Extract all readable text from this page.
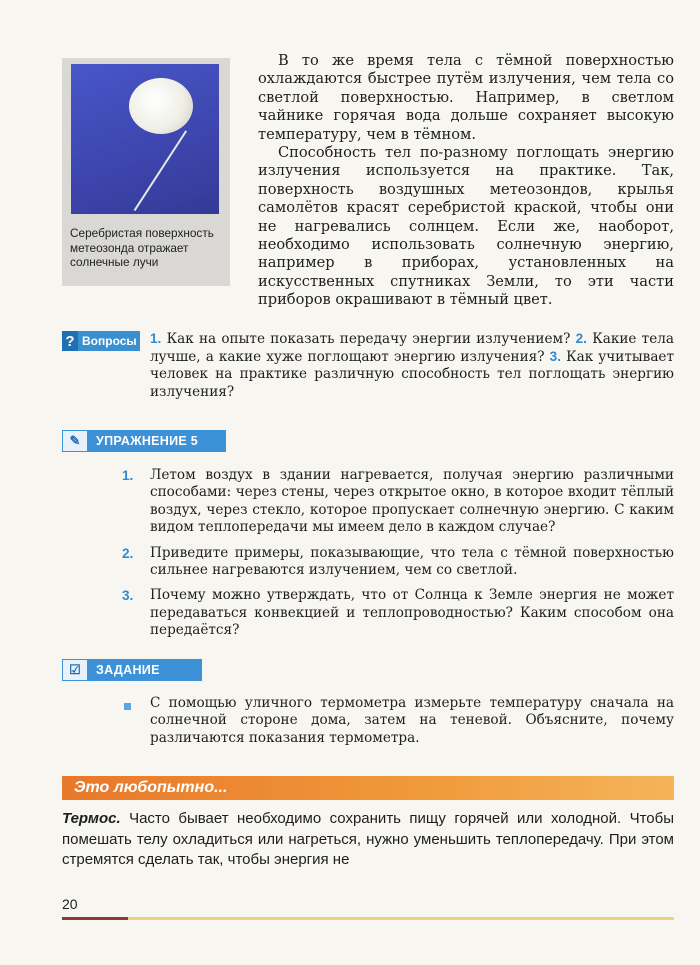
Серебристая поверхность метеозонда отражает солнечные лучи

В то же время тела с тёмной поверхностью охлаждаются быстрее путём излучения, чем тела со светлой поверхностью. Например, в светлом чайнике горячая вода дольше сохраняет высокую температуру, чем в тёмном.

Способность тел по-разному поглощать энергию излучения используется на практике. Так, поверхность воздушных метеозондов, крылья самолётов красят серебристой краской, чтобы они не нагревались солнцем. Если же, наоборот, необходимо использовать солнечную энергию, например в приборах, установленных на искусственных спутниках Земли, то эти части приборов окрашивают в тёмный цвет.

? Вопросы 1. Как на опыте показать передачу энергии излучением? 2. Какие тела лучше, а какие хуже поглощают энергию излучения? 3. Как учитывает человек на практике различную способность тел поглощать энергию излучения?
✎	УПРАЖНЕНИЕ 5
1.	Летом воздух в здании нагревается, получая энергию различными способами: через стены, через открытое окно, в которое входит тёплый воздух, через стекло, которое пропускает солнечную энергию. С каким видом теплопередачи мы имеем дело в каждом случае?
2.	Приведите примеры, показывающие, что тела с тёмной поверхностью сильнее нагреваются излучением, чем со светлой.
3.	Почему можно утверждать, что от Солнца к Земле энергия не может передаваться конвекцией и теплопроводностью? Каким способом она передаётся?
☑	ЗАДАНИЕ
С помощью уличного термометра измерьте температуру сначала на солнечной стороне дома, затем на теневой. Объясните, почему различаются показания термометра.
Это любопытно...
Термос. Часто бывает необходимо сохранить пищу горячей или холодной. Чтобы помешать телу охладиться или нагреться, нужно уменьшить теплопередачу. При этом стремятся сделать так, чтобы энергия не
20
